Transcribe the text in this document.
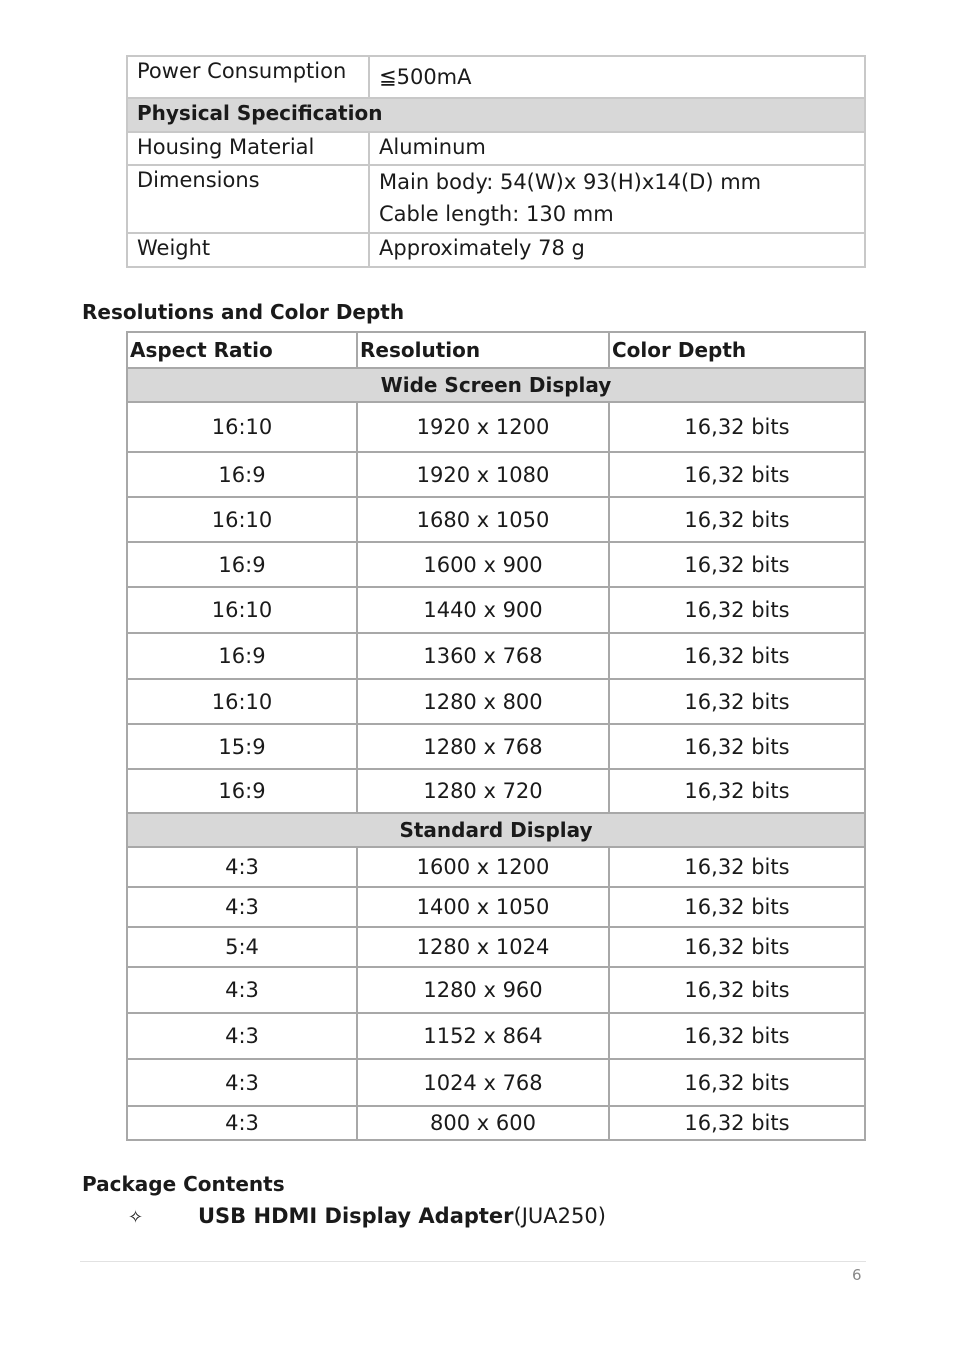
Power Consumption	≦500mA
Physical Specification	
Housing Material	Aluminum
Dimensions	Main body: 54(W)x 93(H)x14(D) mm
Cable length: 130 mm

Weight	Approximately 78 g
Resolutions and Color Depth
Aspect Ratio	Resolution	Color Depth
Wide Screen Display		
16:10	1920 x 1200	16,32 bits
16:9	1920 x 1080	16,32 bits
16:10	1680 x 1050	16,32 bits
16:9	1600 x 900	16,32 bits
16:10	1440 x 900	16,32 bits
16:9	1360 x 768	16,32 bits
16:10	1280 x 800	16,32 bits
15:9	1280 x 768	16,32 bits
16:9	1280 x 720	16,32 bits
Standard Display		
4:3	1600 x 1200	16,32 bits
4:3	1400 x 1050	16,32 bits
5:4	1280 x 1024	16,32 bits
4:3	1280 x 960	16,32 bits
4:3	1152 x 864	16,32 bits
4:3	1024 x 768	16,32 bits
4:3	800 x 600	16,32 bits
Package Contents
✧	USB HDMI Display Adapter(JUA250)
6
